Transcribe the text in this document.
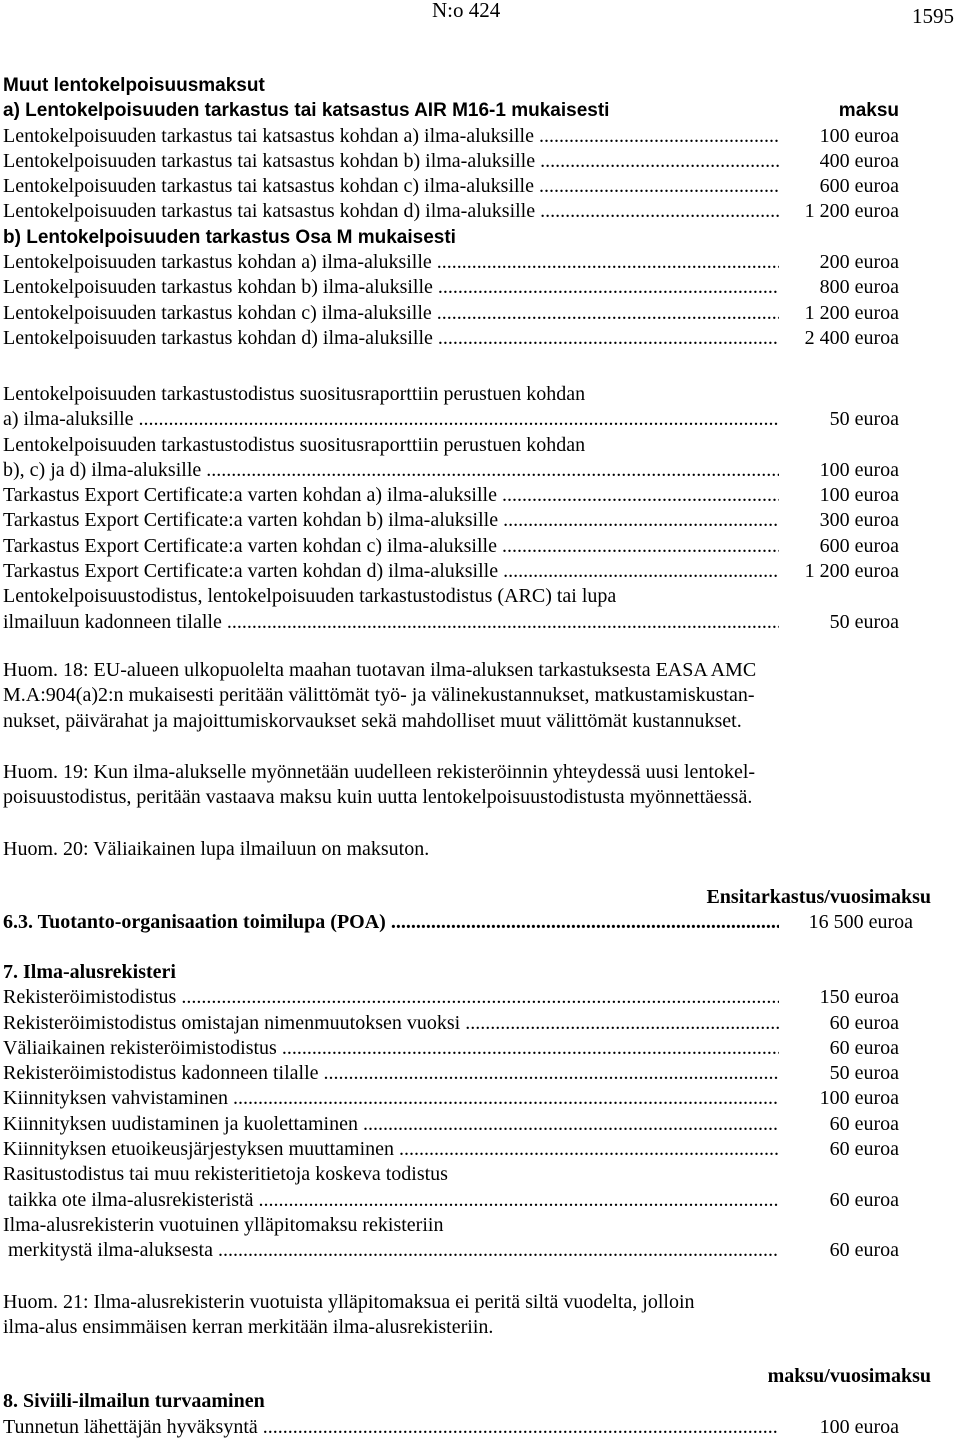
N:o 424	1595
Muut lentokelpoisuusmaksut
a) Lentokelpoisuuden tarkastus tai katsastus AIR M16-1 mukaisesti	maksu
Lentokelpoisuuden tarkastus tai katsastus kohdan a) ilma-aluksille .....	100 euroa
Lentokelpoisuuden tarkastus tai katsastus kohdan b) ilma-aluksille .....	400 euroa
Lentokelpoisuuden tarkastus tai katsastus kohdan c) ilma-aluksille .....	600 euroa
Lentokelpoisuuden tarkastus tai katsastus kohdan d) ilma-aluksille .....	1 200 euroa
b) Lentokelpoisuuden tarkastus Osa M mukaisesti
Lentokelpoisuuden tarkastus kohdan a) ilma-aluksille .....	200 euroa
Lentokelpoisuuden tarkastus kohdan b) ilma-aluksille .....	800 euroa
Lentokelpoisuuden tarkastus kohdan c) ilma-aluksille .....	1 200 euroa
Lentokelpoisuuden tarkastus kohdan d) ilma-aluksille .....	2 400 euroa
Lentokelpoisuuden tarkastustodistus suositusraporttiin perustuen kohdan
a) ilma-aluksille .....	50 euroa
Lentokelpoisuuden tarkastustodistus suositusraporttiin perustuen kohdan
b), c) ja d) ilma-aluksille .....	100 euroa
Tarkastus Export Certificate:a varten kohdan a) ilma-aluksille .....	100 euroa
Tarkastus Export Certificate:a varten kohdan b) ilma-aluksille .....	300 euroa
Tarkastus Export Certificate:a varten kohdan c) ilma-aluksille .....	600 euroa
Tarkastus Export Certificate:a varten kohdan d) ilma-aluksille .....	1 200 euroa
Lentokelpoisuustodistus, lentokelpoisuuden tarkastustodistus (ARC) tai lupa
ilmailuun kadonneen tilalle .....	50 euroa

Huom. 18: EU-alueen ulkopuolelta maahan tuotavan ilma-aluksen tarkastuksesta EASA AMC
M.A:904(a)2:n mukaisesti peritään välittömät työ- ja välinekustannukset, matkustamiskustan-
nukset, päivärahat ja majoittumiskorvaukset sekä mahdolliset muut välittömät kustannukset.

Huom. 19: Kun ilma-alukselle myönnetään uudelleen rekisteröinnin yhteydessä uusi lentokel-
poisuustodistus, peritään vastaava maksu kuin uutta lentokelpoisuustodistusta myönnettäessä.

Huom. 20: Väliaikainen lupa ilmailuun on maksuton.

Ensitarkastus/vuosimaksu
6.3. Tuotanto-organisaation toimilupa (POA) .....	16 500 euroa
7. Ilma-alusrekisteri
Rekisteröimistodistus .....	150 euroa
Rekisteröimistodistus omistajan nimenmuutoksen vuoksi .....	60 euroa
Väliaikainen rekisteröimistodistus .....	60 euroa
Rekisteröimistodistus kadonneen tilalle .....	50 euroa
Kiinnityksen vahvistaminen .....	100 euroa
Kiinnityksen uudistaminen ja kuolettaminen .....	60 euroa
Kiinnityksen etuoikeusjärjestyksen muuttaminen .....	60 euroa
Rasitustodistus tai muu rekisteritietoja koskeva todistus
taikka ote ilma-alusrekisteristä .....	60 euroa
Ilma-alusrekisterin vuotuinen ylläpitomaksu rekisteriin
merkitystä ilma-aluksesta .....	60 euroa

Huom. 21: Ilma-alusrekisterin vuotuista ylläpitomaksua ei peritä siltä vuodelta, jolloin
ilma-alus ensimmäisen kerran merkitään ilma-alusrekisteriin.

maksu/vuosimaksu
8. Siviili-ilmailun turvaaminen
Tunnetun lähettäjän hyväksyntä .....	100 euroa
